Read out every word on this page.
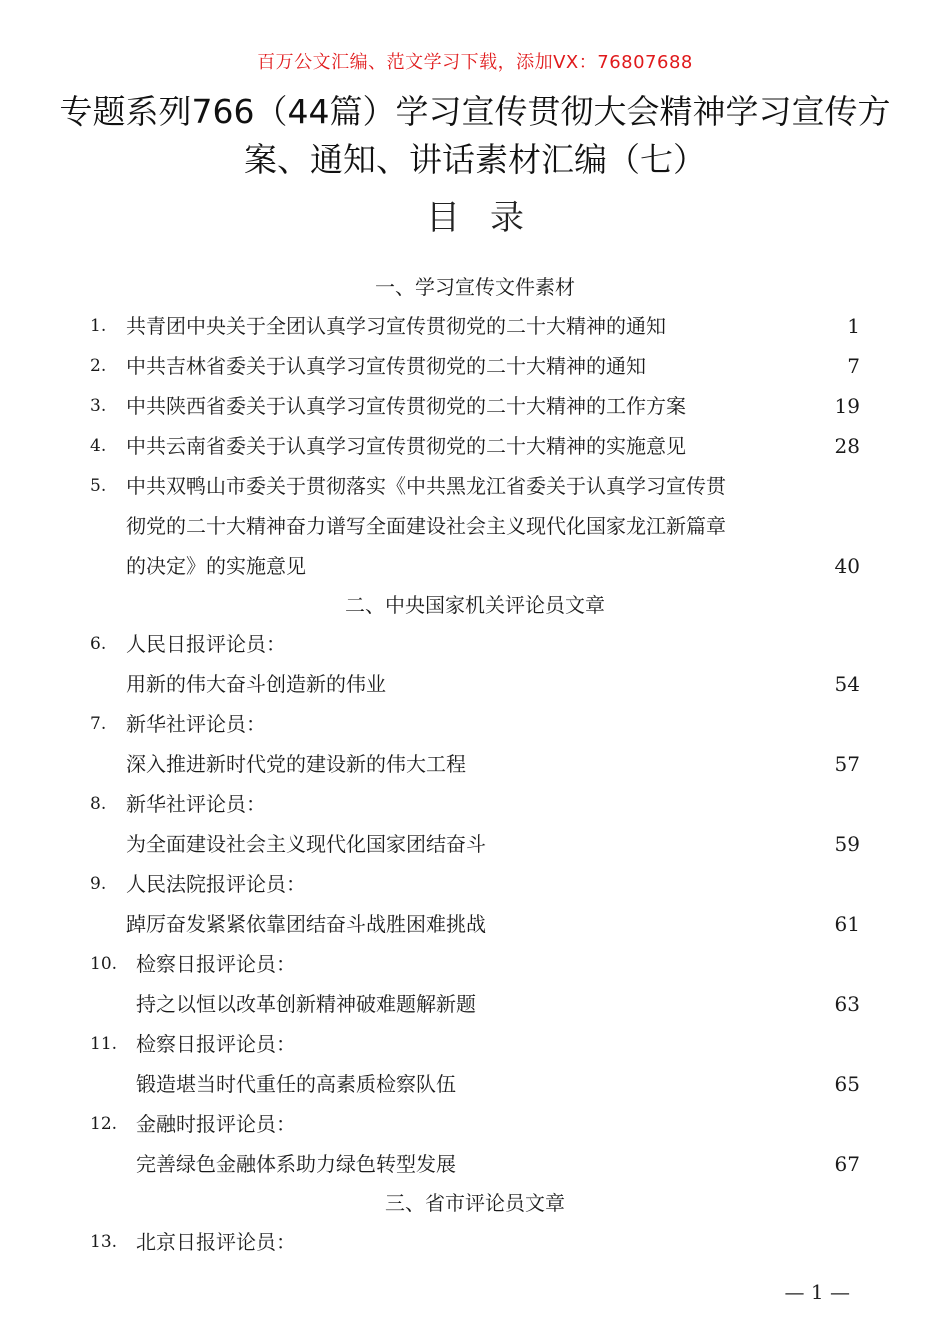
百万公文汇编、范文学习下载，添加VX：76807688
专题系列766（44篇）学习宣传贯彻大会精神学习宣传方案、通知、讲话素材汇编（七）
目录
一、学习宣传文件素材
1. 共青团中央关于全团认真学习宣传贯彻党的二十大精神的通知	1
2. 中共吉林省委关于认真学习宣传贯彻党的二十大精神的通知	7
3. 中共陕西省委关于认真学习宣传贯彻党的二十大精神的工作方案	19
4. 中共云南省委关于认真学习宣传贯彻党的二十大精神的实施意见	28
5. 中共双鸭山市委关于贯彻落实《中共黑龙江省委关于认真学习宣传贯
彻党的二十大精神奋力谱写全面建设社会主义现代化国家龙江新篇章
的决定》的实施意见	40
二、中央国家机关评论员文章
6. 人民日报评论员：
用新的伟大奋斗创造新的伟业	54
7. 新华社评论员：
深入推进新时代党的建设新的伟大工程	57
8. 新华社评论员：
为全面建设社会主义现代化国家团结奋斗	59
9. 人民法院报评论员：
踔厉奋发紧紧依靠团结奋斗战胜困难挑战	61
10. 检察日报评论员：
持之以恒以改革创新精神破难题解新题	63
11. 检察日报评论员：
锻造堪当时代重任的高素质检察队伍	65
12. 金融时报评论员：
完善绿色金融体系助力绿色转型发展	67
三、省市评论员文章
13. 北京日报评论员：
— 1 —
